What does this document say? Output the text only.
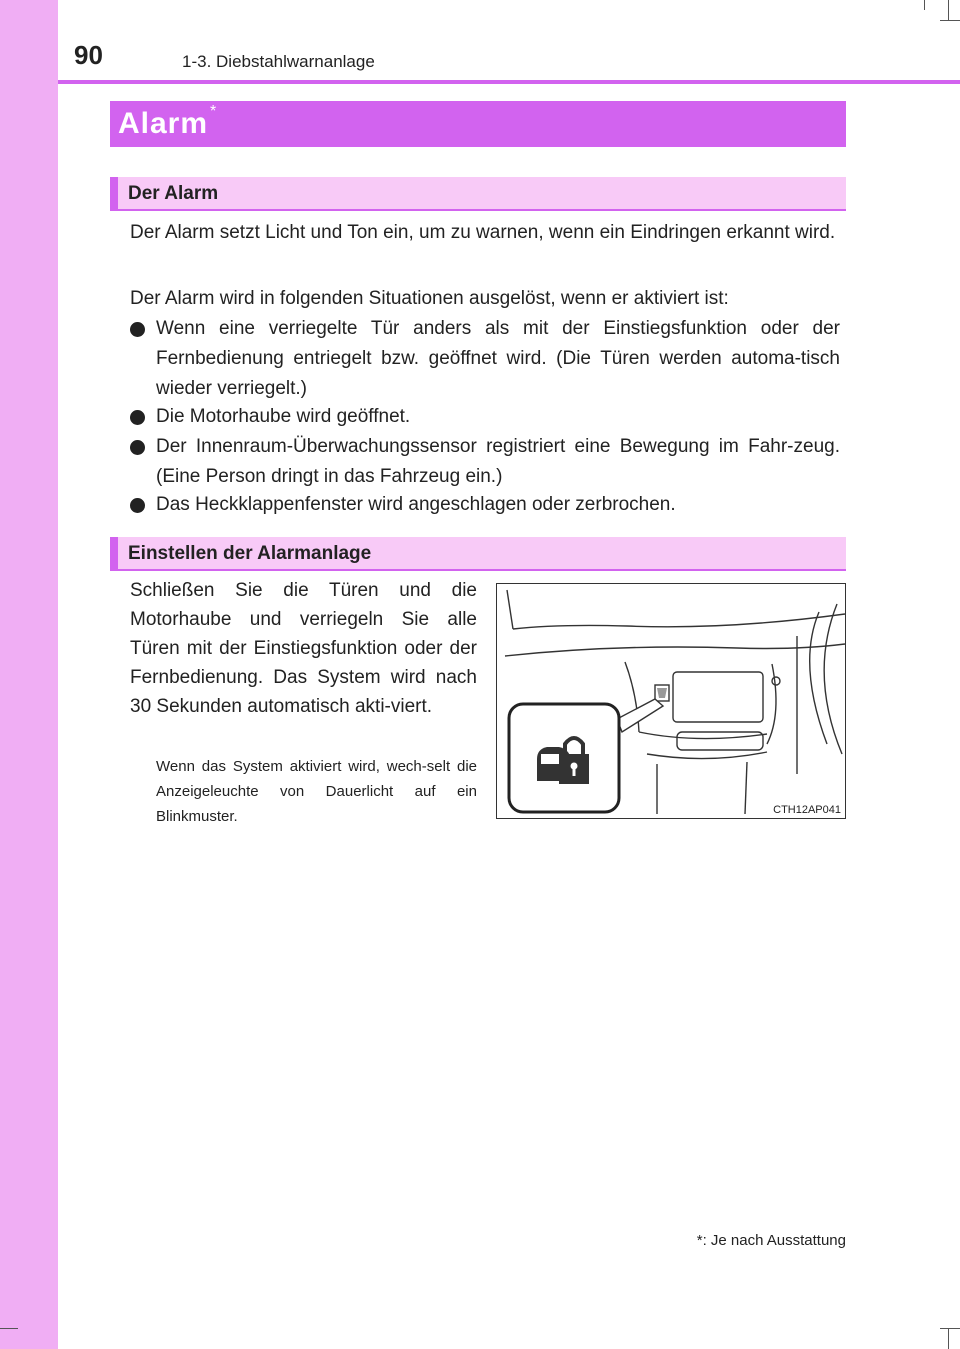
90	1-3. Diebstahlwarnanlage
Alarm *
Der Alarm

Der Alarm setzt Licht und Ton ein, um zu warnen, wenn ein Eindringen erkannt wird.

Der Alarm wird in folgenden Situationen ausgelöst, wenn er aktiviert ist:

Wenn eine verriegelte Tür anders als mit der Einstiegsfunktion oder der Fernbedienung entriegelt bzw. geöffnet wird. (Die Türen werden automa-tisch wieder verriegelt.)
Die Motorhaube wird geöffnet.
Der Innenraum-Überwachungssensor registriert eine Bewegung im Fahr-zeug. (Eine Person dringt in das Fahrzeug ein.)
Das Heckklappenfenster wird angeschlagen oder zerbrochen.
Einstellen der Alarmanlage

Schließen Sie die Türen und die Motorhaube und verriegeln Sie alle Türen mit der Einstiegsfunktion oder der Fernbedienung. Das System wird nach 30 Sekunden automatisch akti-viert.

Wenn das System aktiviert wird, wech-selt die Anzeigeleuchte von Dauerlicht auf ein Blinkmuster.	CTH12AP041
*: Je nach Ausstattung
